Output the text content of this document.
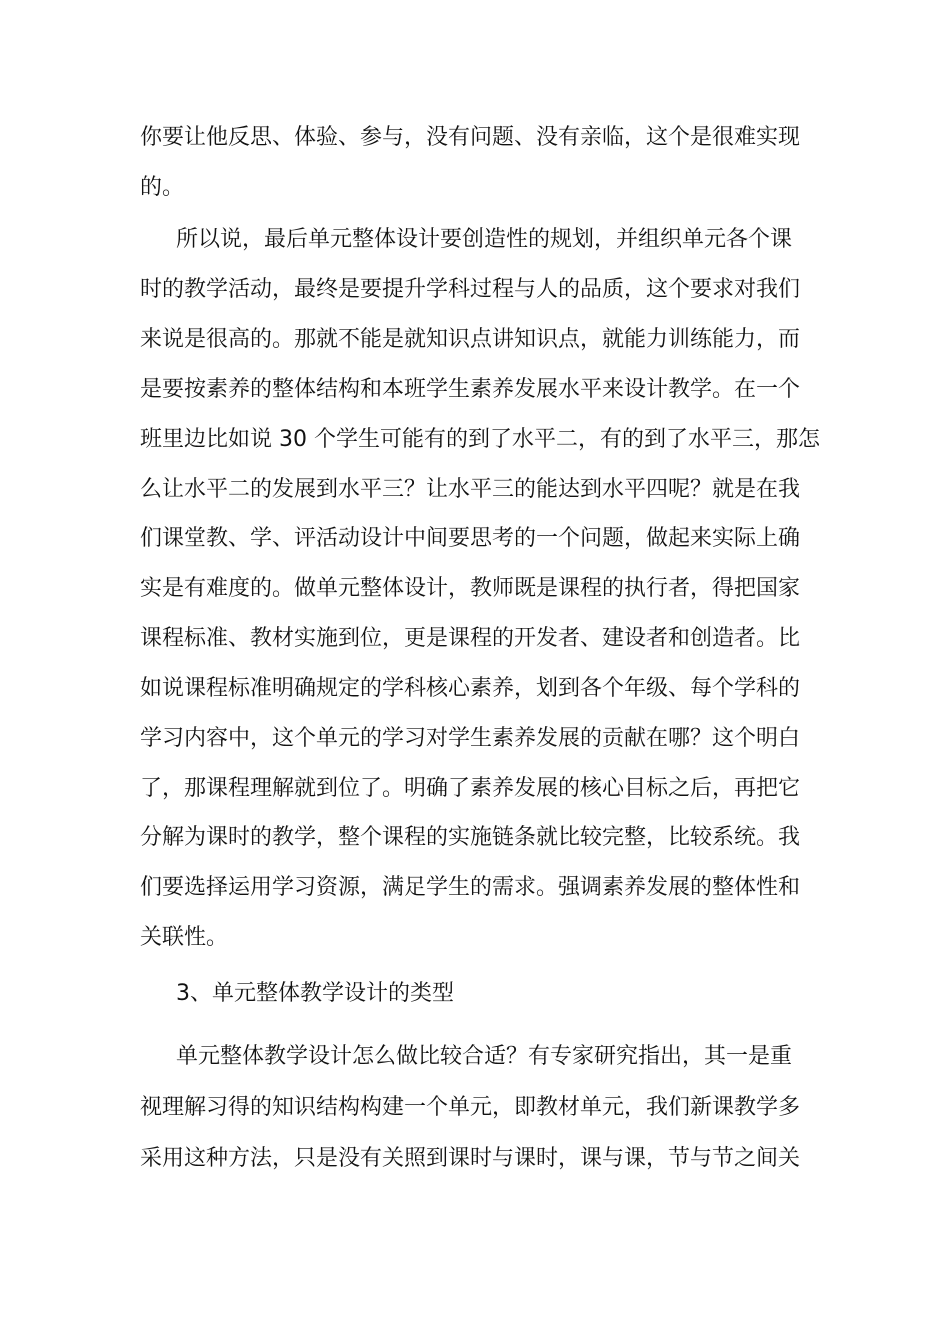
你要让他反思、体验、参与，没有问题、没有亲临，这个是很难实现

的。

所以说，最后单元整体设计要创造性的规划，并组织单元各个课

时的教学活动，最终是要提升学科过程与人的品质，这个要求对我们

来说是很高的。那就不能是就知识点讲知识点，就能力训练能力，而

是要按素养的整体结构和本班学生素养发展水平来设计教学。在一个

班里边比如说 30 个学生可能有的到了水平二，有的到了水平三，那怎

么让水平二的发展到水平三？让水平三的能达到水平四呢？就是在我

们课堂教、学、评活动设计中间要思考的一个问题，做起来实际上确

实是有难度的。做单元整体设计，教师既是课程的执行者，得把国家

课程标准、教材实施到位，更是课程的开发者、建设者和创造者。比

如说课程标准明确规定的学科核心素养，划到各个年级、每个学科的

学习内容中，这个单元的学习对学生素养发展的贡献在哪？这个明白

了，那课程理解就到位了。明确了素养发展的核心目标之后，再把它

分解为课时的教学，整个课程的实施链条就比较完整，比较系统。我

们要选择运用学习资源，满足学生的需求。强调素养发展的整体性和

关联性。

3、单元整体教学设计的类型

单元整体教学设计怎么做比较合适？有专家研究指出，其一是重

视理解习得的知识结构构建一个单元，即教材单元，我们新课教学多

采用这种方法，只是没有关照到课时与课时，课与课，节与节之间关
